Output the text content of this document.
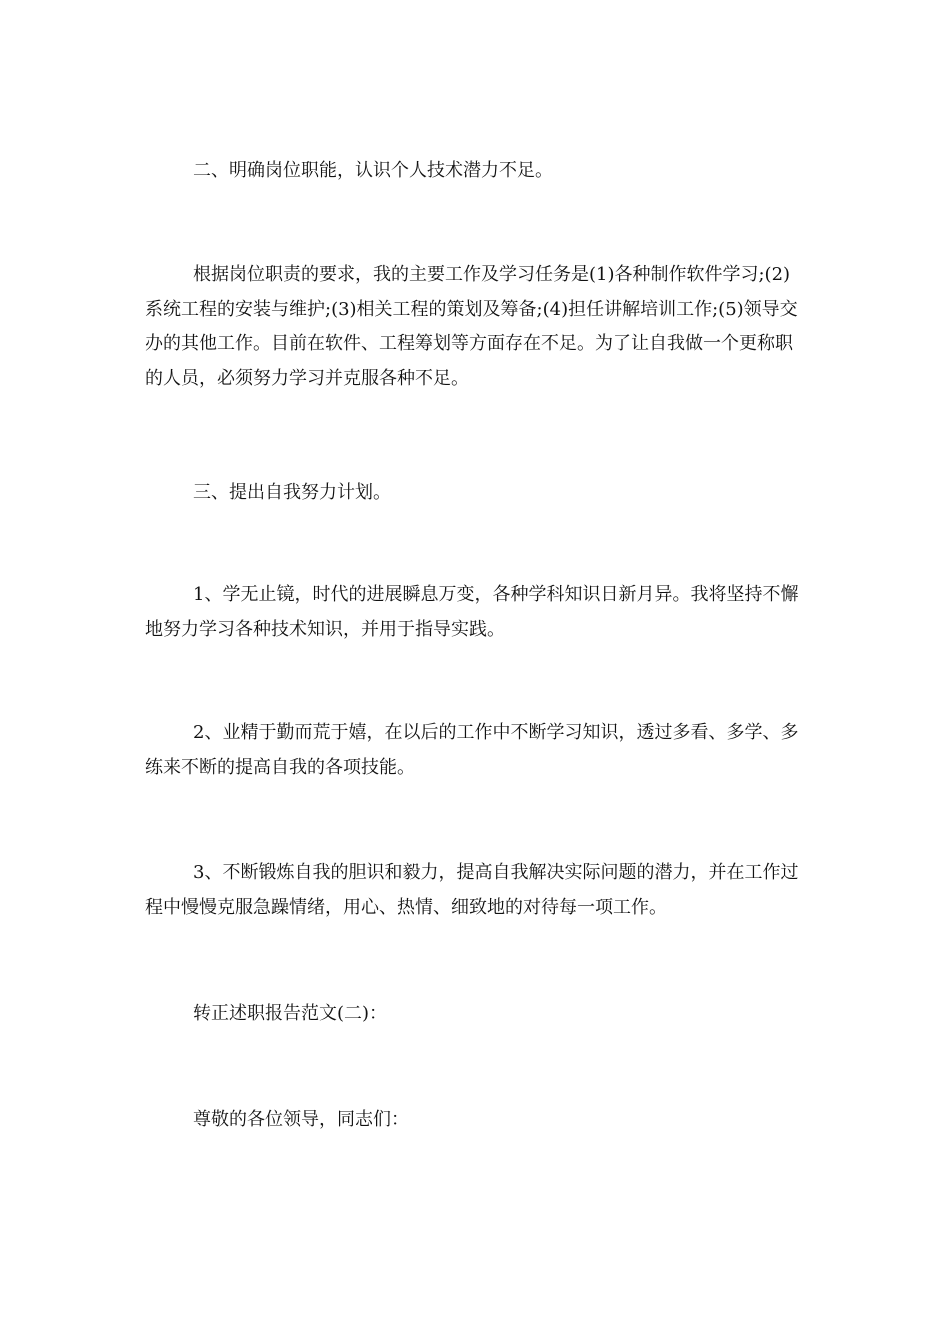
二、明确岗位职能，认识个人技术潜力不足。

根据岗位职责的要求，我的主要工作及学习任务是(1)各种制作软件学习;(2)系统工程的安装与维护;(3)相关工程的策划及筹备;(4)担任讲解培训工作;(5)领导交办的其他工作。目前在软件、工程筹划等方面存在不足。为了让自我做一个更称职的人员，必须努力学习并克服各种不足。

三、提出自我努力计划。

1、学无止镜，时代的进展瞬息万变，各种学科知识日新月异。我将坚持不懈地努力学习各种技术知识，并用于指导实践。

2、业精于勤而荒于嬉，在以后的工作中不断学习知识，透过多看、多学、多练来不断的提高自我的各项技能。

3、不断锻炼自我的胆识和毅力，提高自我解决实际问题的潜力，并在工作过程中慢慢克服急躁情绪，用心、热情、细致地的对待每一项工作。

转正述职报告范文(二)：

尊敬的各位领导，同志们：
